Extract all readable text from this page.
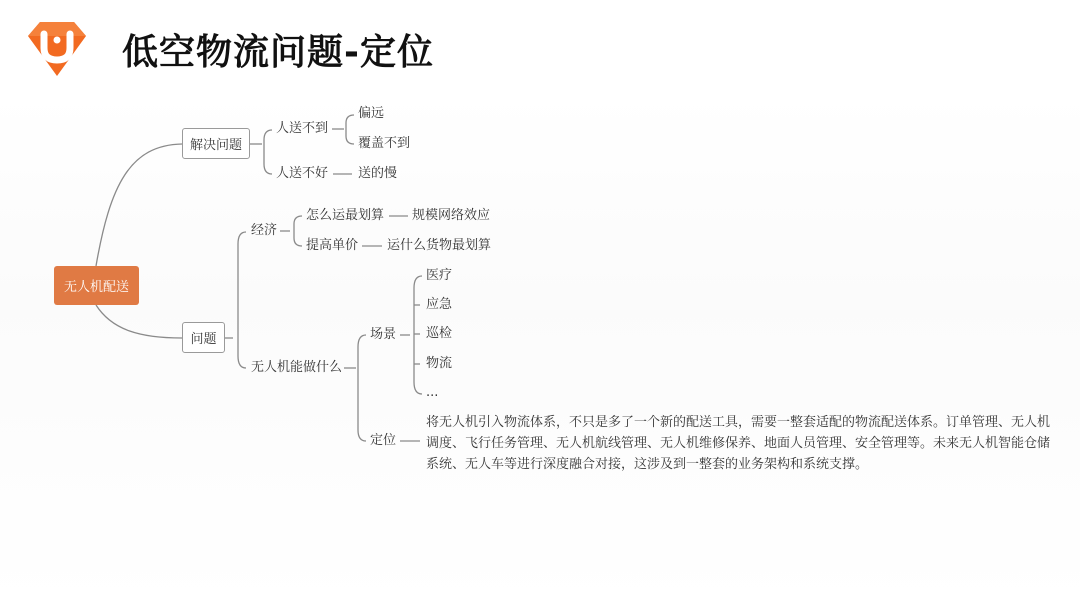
低空物流问题-定位
无人机配送
解决问题
人送不到
偏远
覆盖不到
人送不好 送的慢
问题
经济
怎么运最划算 规模网络效应
提高单价 运什么货物最划算
无人机能做什么
场景
医疗
应急
巡检
物流
...
定位
将无人机引入物流体系，不只是多了一个新的配送工具，需要一整套适配的物流配送体系。订单管理、无人机调度、飞行任务管理、无人机航线管理、无人机维修保养、地面人员管理、安全管理等。未来无人机智能仓储系统、无人车等进行深度融合对接，这涉及到一整套的业务架构和系统支撑。
